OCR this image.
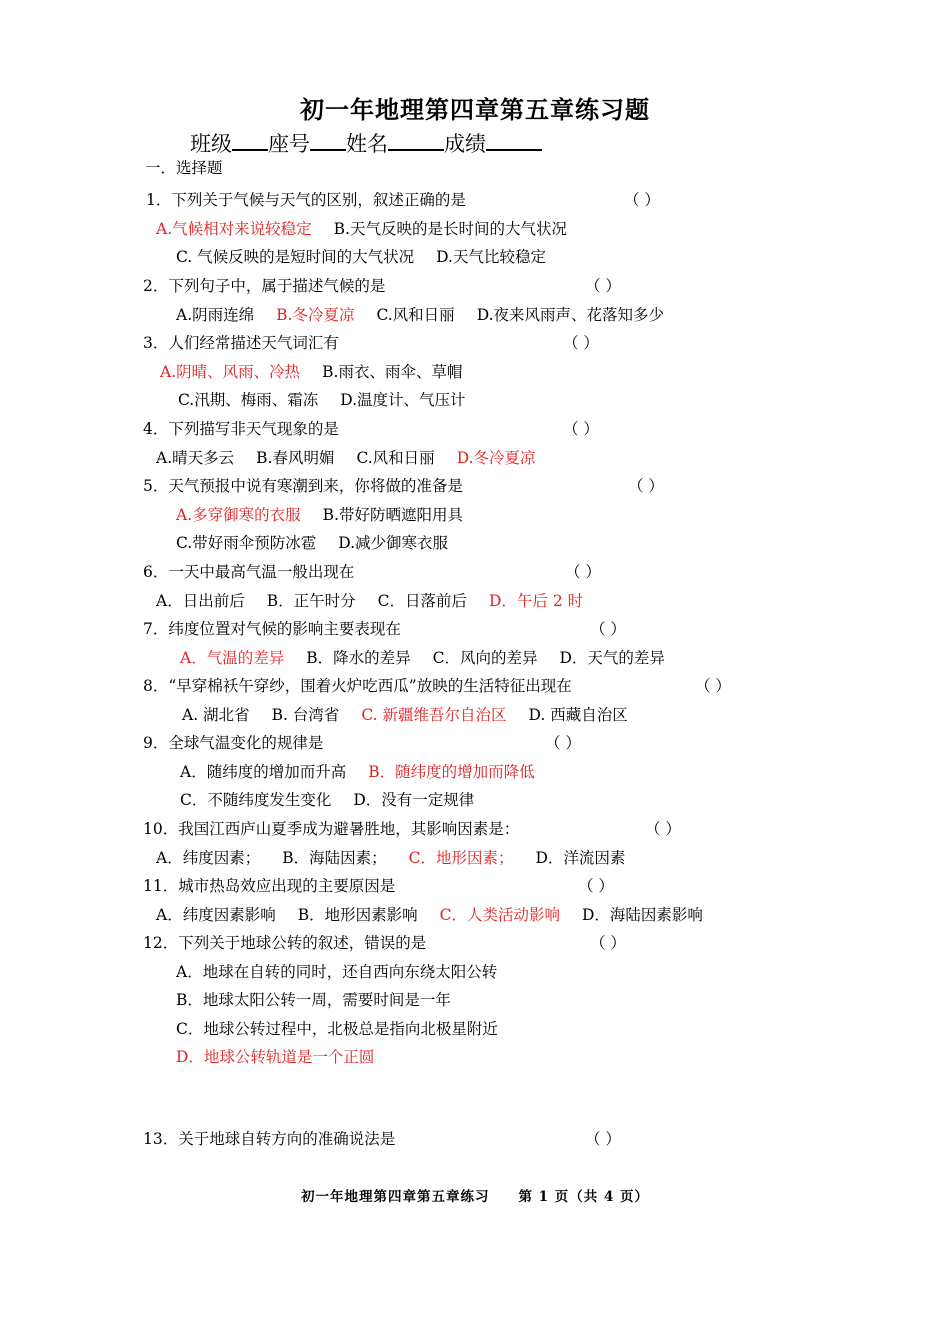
初一年地理第四章第五章练习题
班级 座号 姓名	成绩
一．选择题
1．下列关于气候与天气的区别，叙述正确的是	（ ）
A.气候相对来说较稳定 B.天气反映的是长时间的大气状况
C. 气候反映的是短时间的大气状况 D.天气比较稳定
2．下列句子中，属于描述气候的是	（ ）
A.阴雨连绵 B.冬冷夏凉 C.风和日丽 D.夜来风雨声、花落知多少
3．人们经常描述天气词汇有	（ ）
A.阴晴、风雨、冷热 B.雨衣、雨伞、草帽
C.汛期、梅雨、霜冻 D.温度计、气压计
4．下列描写非天气现象的是	（ ）
A.晴天多云 B.春风明媚 C.风和日丽 D.冬冷夏凉
5．天气预报中说有寒潮到来，你将做的准备是	（ ）
A.多穿御寒的衣服 B.带好防晒遮阳用具
C.带好雨伞预防冰雹 D.减少御寒衣服
6．一天中最高气温一般出现在	（ ）
A．日出前后 B．正午时分 C．日落前后 D．午后 2 时
7．纬度位置对气候的影响主要表现在	（ ）
A．气温的差异 B．降水的差异 C．风向的差异 D．天气的差异
8．“早穿棉袄午穿纱，围着火炉吃西瓜”放映的生活特征出现在	（ ）
A. 湖北省 B. 台湾省 C. 新疆维吾尔自治区 D. 西藏自治区
9．全球气温变化的规律是	（ ）
A．随纬度的增加而升高 B．随纬度的增加而降低
C．不随纬度发生变化 D．没有一定规律
10．我国江西庐山夏季成为避暑胜地，其影响因素是：	（ ）
A．纬度因素； B．海陆因素； C．地形因素； D．洋流因素
11．城市热岛效应出现的主要原因是	（ ）
A．纬度因素影响 B．地形因素影响 C．人类活动影响 D．海陆因素影响
12．下列关于地球公转的叙述，错误的是	（ ）
A．地球在自转的同时，还自西向东绕太阳公转
B．地球太阳公转一周，需要时间是一年
C．地球公转过程中，北极总是指向北极星附近
D．地球公转轨道是一个正圆
13．关于地球自转方向的准确说法是	（ ）
初一年地理第四章第五章练习　　第 1 页（共 4 页）
